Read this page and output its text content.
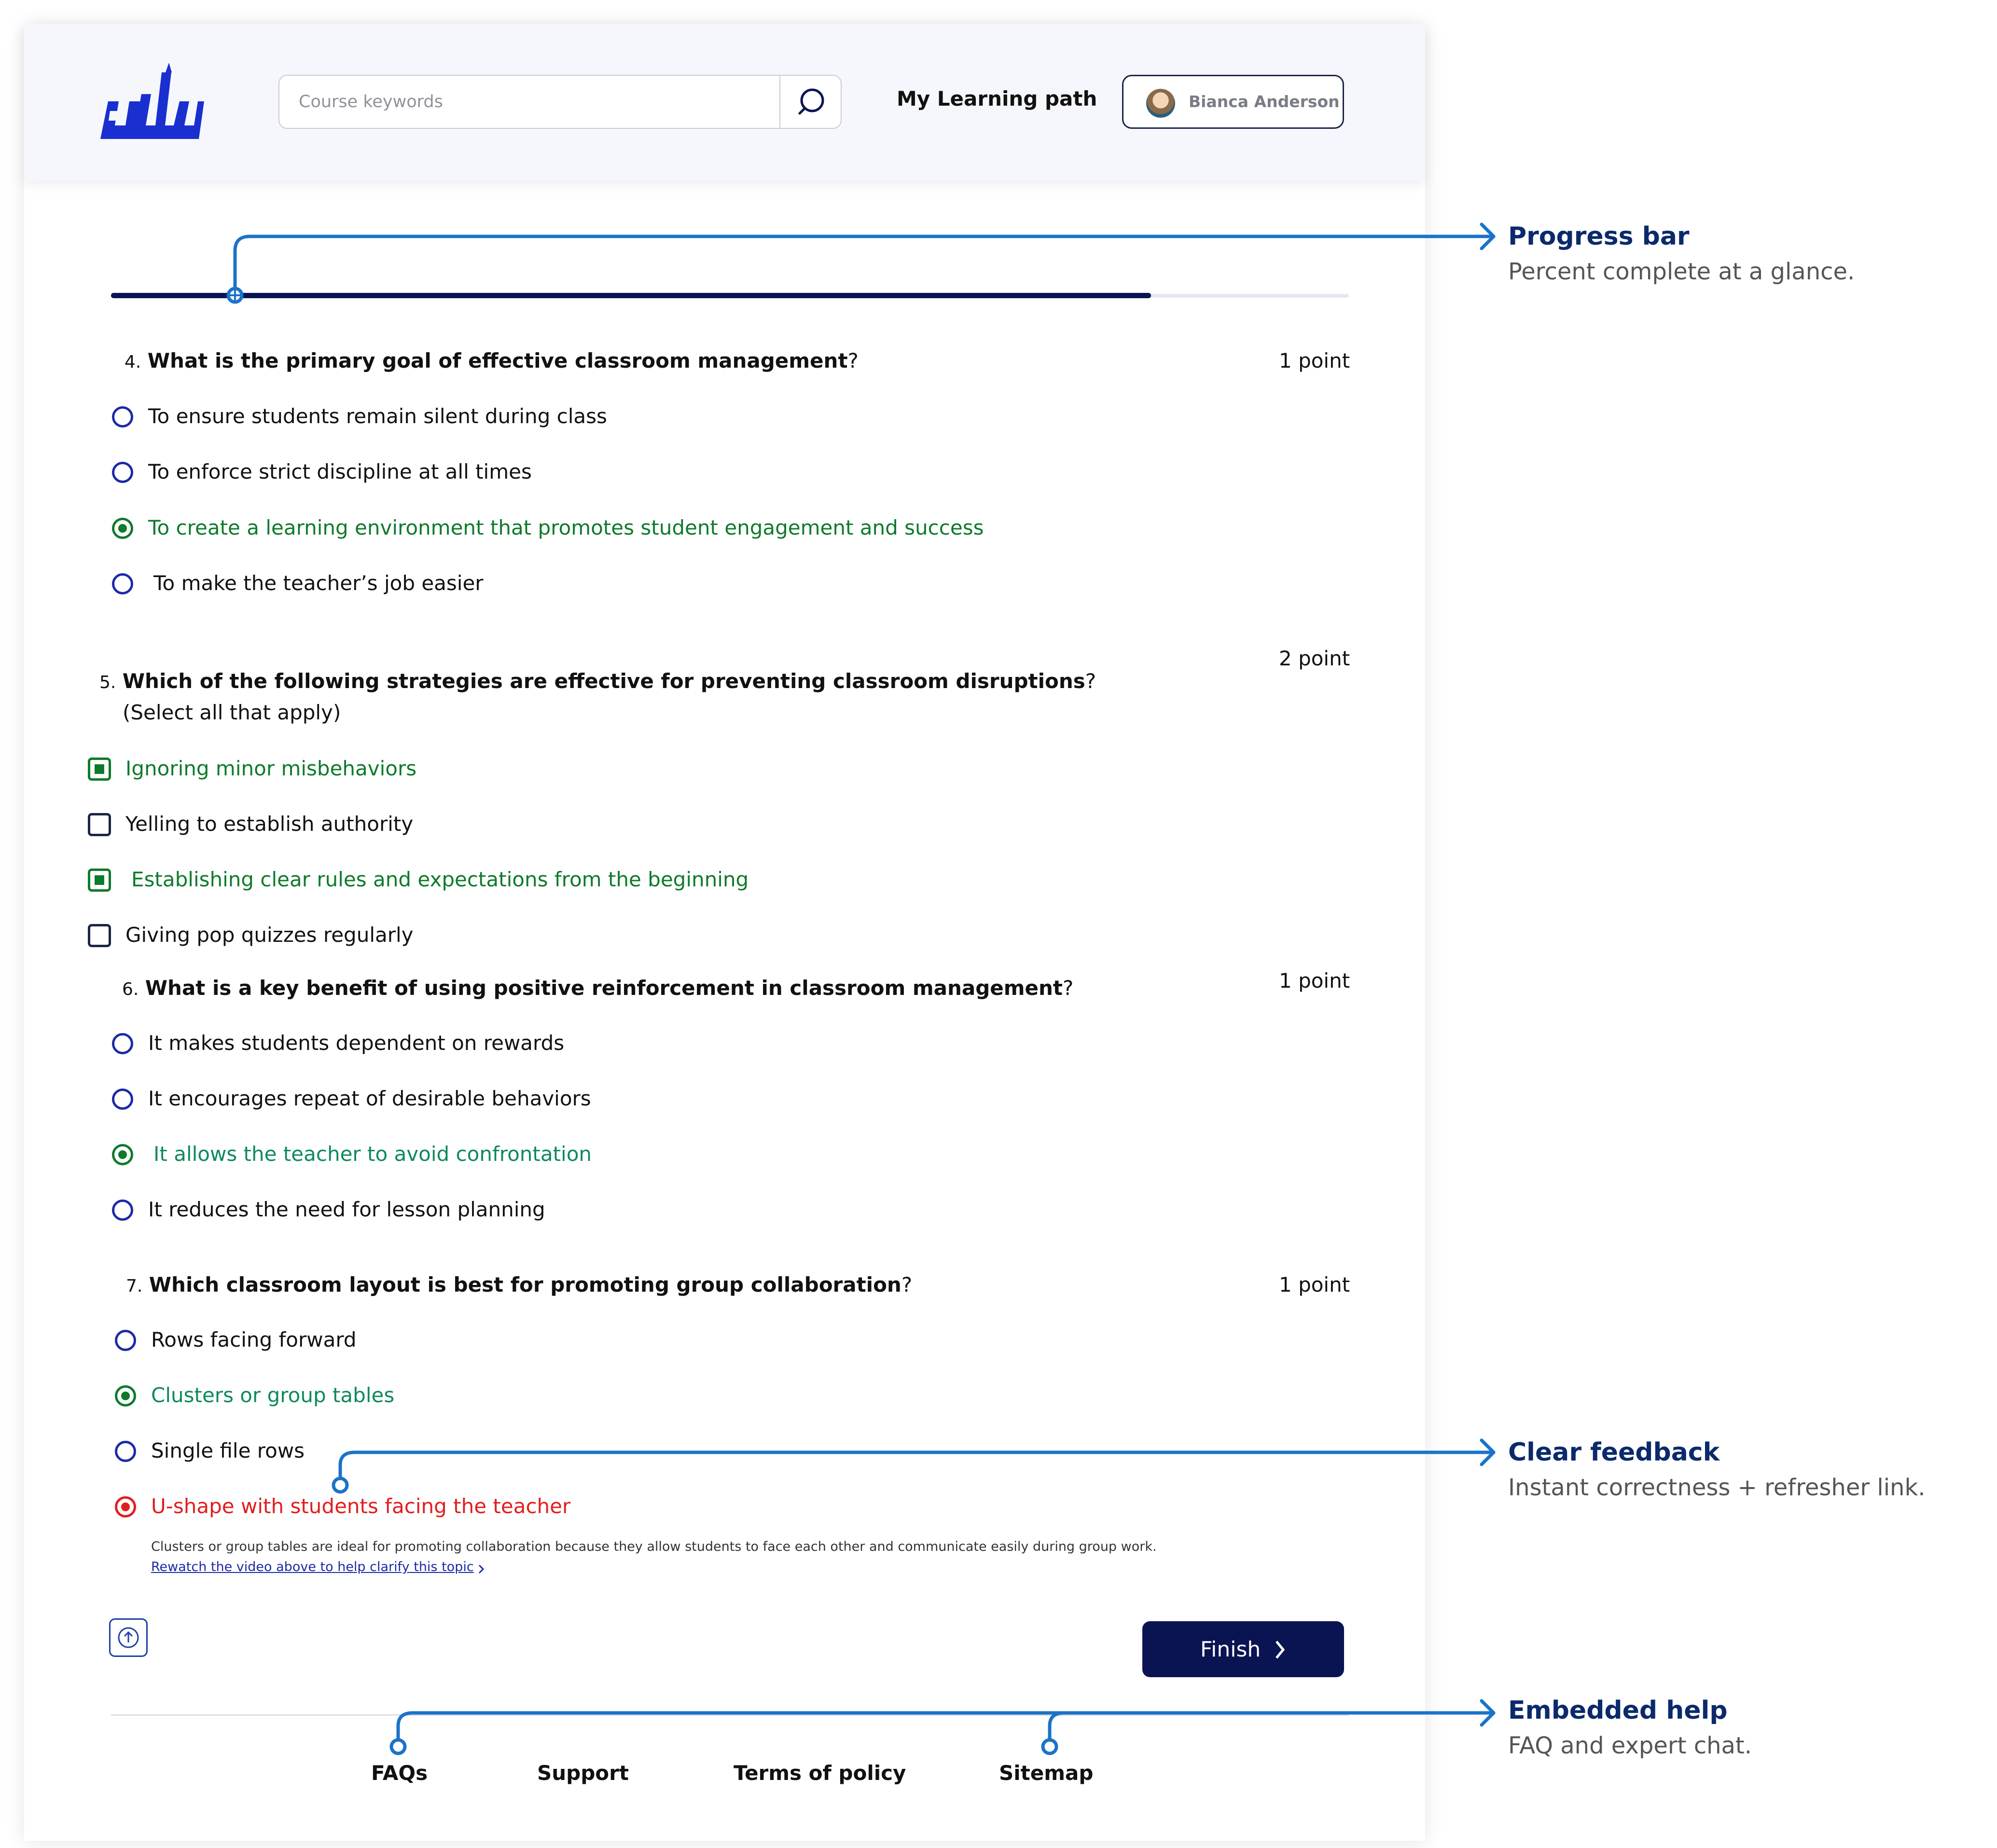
Course keywords
My Learning path	Bianca Anderson
4. What is the primary goal of effective classroom management?	1 point
To ensure students remain silent during class
To enforce strict discipline at all times
To create a learning environment that promotes student engagement and success
To make the teacher’s job easier
2 point
5. Which of the following strategies are effective for preventing classroom disruptions?
(Select all that apply)
Ignoring minor misbehaviors
Yelling to establish authority
Establishing clear rules and expectations from the beginning
Giving pop quizzes regularly
6. What is a key benefit of using positive reinforcement in classroom management?	1 point
It makes students dependent on rewards
It encourages repeat of desirable behaviors
It allows the teacher to avoid confrontation
It reduces the need for lesson planning
7. Which classroom layout is best for promoting group collaboration?	1 point
Rows facing forward
Clusters or group tables
Single file rows
U-shape with students facing the teacher
Clusters or group tables are ideal for promoting collaboration because they allow students to face each other and communicate easily during group work.
Rewatch the video above to help clarify this topic
Finish
FAQs	Support	Terms of policy	Sitemap
Progress bar
Percent complete at a glance.
Clear feedback
Instant correctness + refresher link.
Embedded help
FAQ and expert chat.
